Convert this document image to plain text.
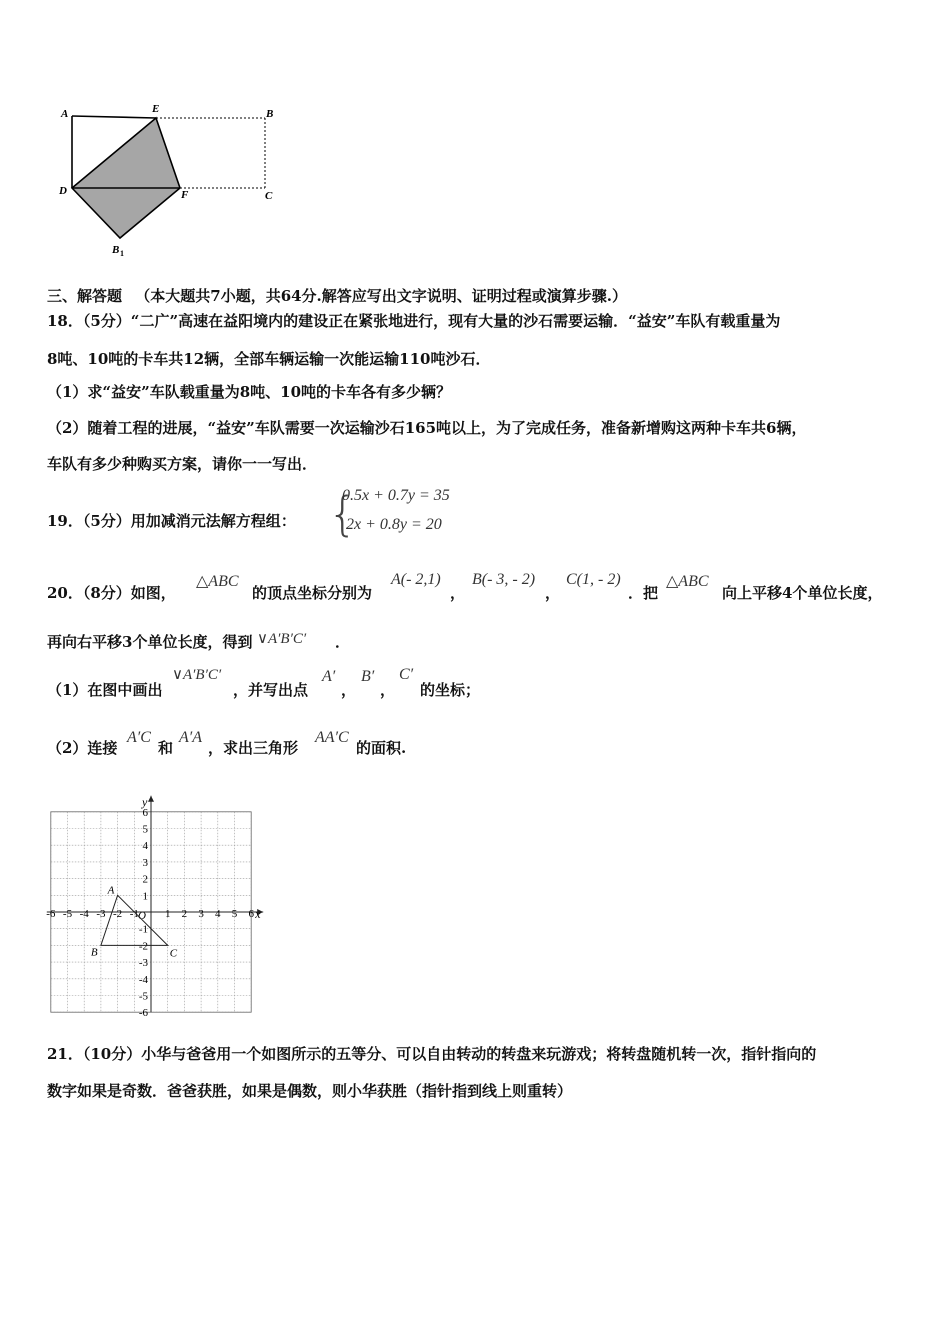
A	E	B
D	F	C
B 1
三、解答题 （本大题共7小题，共64分.解答应写出文字说明、证明过程或演算步骤.）
18．（5分）“二广”高速在益阳境内的建设正在紧张地进行，现有大量的沙石需要运输．“益安”车队有载重量为
8吨、10吨的卡车共12辆，全部车辆运输一次能运输110吨沙石．
（1）求“益安”车队载重量为8吨、10吨的卡车各有多少辆？
（2）随着工程的进展，“益安”车队需要一次运输沙石165吨以上，为了完成任务，准备新增购这两种卡车共6辆，
车队有多少种购买方案，请你一一写出．
19．（5分）用加减消元法解方程组： {
0.5x + 0.7y = 35
2x + 0.8y = 20
20．（8分）如图，
△ABC
的顶点坐标分别为
A(- 2,1)
，
B(- 3, - 2)
，
C(1, - 2)
．把
△ABC
向上平移4个单位长度，
再向右平移3个单位长度，得到 ∨A′B′C′ ．
（1）在图中画出
∨A′B′C′
，并写出点
A′
，
B′
，
C′
的坐标；
（2）连接
A′C
和
A′A
，求出三角形
AA′C
的面积.
-6 -5 -4 -3 -2 -1 1 2 3 4 5 6
6
5
4
3
2
1
-1
-2
-3
-4
-5
-6
x
y
O
A
B	C
21．（10分）小华与爸爸用一个如图所示的五等分、可以自由转动的转盘来玩游戏；将转盘随机转一次，指针指向的
数字如果是奇数．爸爸获胜，如果是偶数，则小华获胜（指针指到线上则重转）
